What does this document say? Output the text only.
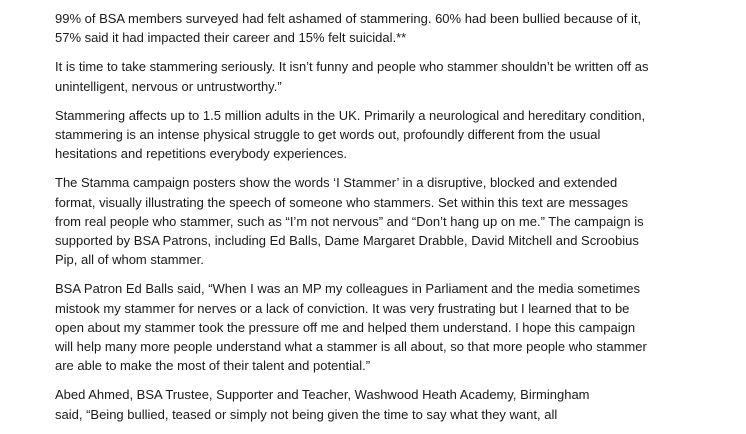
99% of BSA members surveyed had felt ashamed of stammering. 60% had been bullied because of it,
57% said it had impacted their career and 15% felt suicidal.**

It is time to take stammering seriously. It isn’t funny and people who stammer shouldn’t be written off as
unintelligent, nervous or untrustworthy.”

Stammering affects up to 1.5 million adults in the UK. Primarily a neurological and hereditary condition,
stammering is an intense physical struggle to get words out, profoundly different from the usual
hesitations and repetitions everybody experiences.

The Stamma campaign posters show the words ‘I Stammer’ in a disruptive, blocked and extended
format, visually illustrating the speech of someone who stammers. Set within this text are messages
from real people who stammer, such as “I’m not nervous” and “Don’t hang up on me.” The campaign is
supported by BSA Patrons, including Ed Balls, Dame Margaret Drabble, David Mitchell and Scroobius
Pip, all of whom stammer.

BSA Patron Ed Balls said, “When I was an MP my colleagues in Parliament and the media sometimes
mistook my stammer for nerves or a lack of conviction. It was very frustrating but I learned that to be
open about my stammer took the pressure off me and helped them understand. I hope this campaign
will help many more people understand what a stammer is all about, so that more people who stammer
are able to make the most of their talent and potential.”

Abed Ahmed, BSA Trustee, Supporter and Teacher, Washwood Heath Academy, Birmingham
said, “Being bullied, teased or simply not being given the time to say what they want, all
